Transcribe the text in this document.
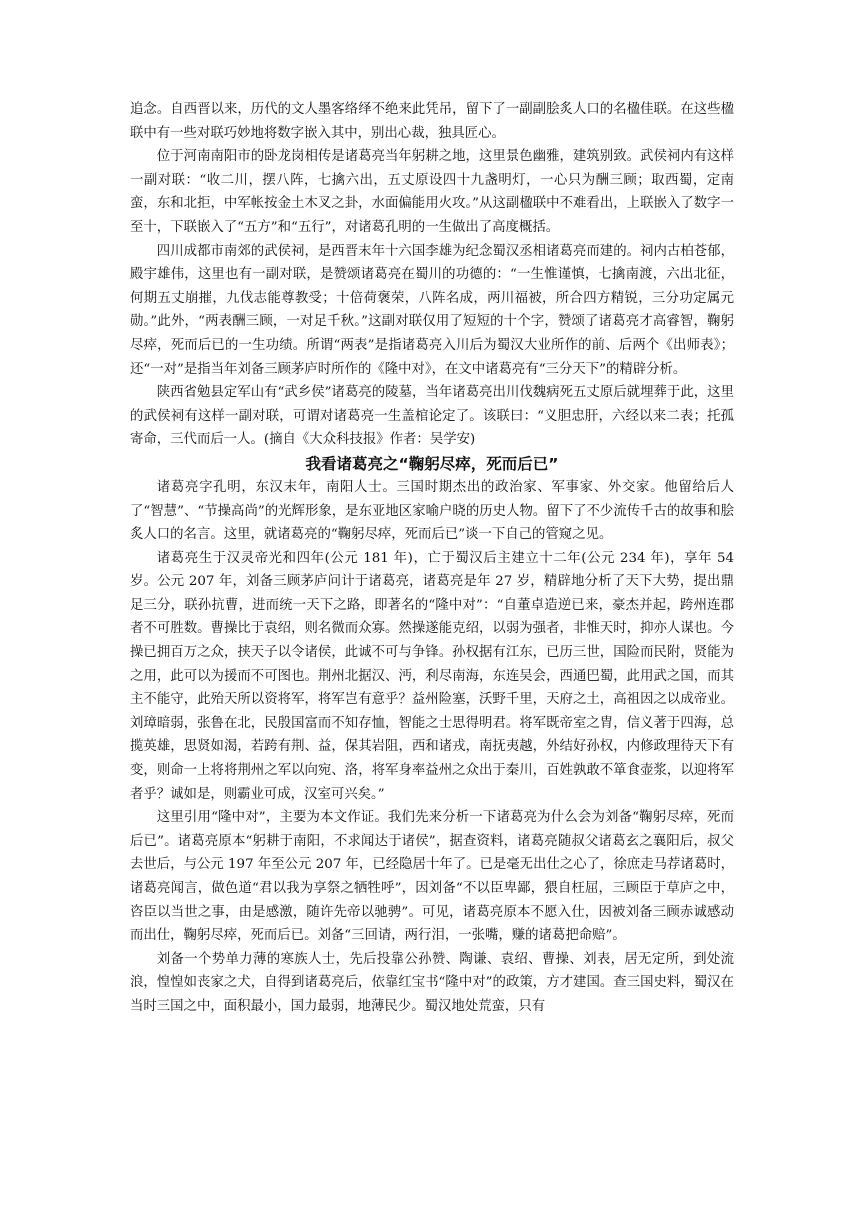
追念。自西晋以来，历代的文人墨客络绎不绝来此凭吊，留下了一副副脍炙人口的名楹佳联。在这些楹联中有一些对联巧妙地将数字嵌入其中，别出心裁，独具匠心。

位于河南南阳市的卧龙岗相传是诸葛亮当年躬耕之地，这里景色幽雅，建筑别致。武侯祠内有这样一副对联：“收二川，摆八阵，七擒六出，五丈原设四十九盏明灯，一心只为酬三顾；取西蜀，定南蛮，东和北拒，中军帐按金土木叉之卦，水面偏能用火攻。”从这副楹联中不难看出，上联嵌入了数字一至十，下联嵌入了“五方”和“五行”，对诸葛孔明的一生做出了高度概括。

四川成都市南郊的武侯祠，是西晋末年十六国李雄为纪念蜀汉丞相诸葛亮而建的。祠内古柏苍郁，殿宇雄伟，这里也有一副对联，是赞颂诸葛亮在蜀川的功德的：“一生惟谨慎，七擒南渡，六出北征，何期五丈崩摧，九伐志能尊教受；十倍荷褒荣，八阵名成，两川福被，所合四方精锐，三分功定属元勋。”此外，“两表酬三顾，一对足千秋。”这副对联仅用了短短的十个字，赞颂了诸葛亮才高睿智，鞠躬尽瘁，死而后已的一生功绩。所谓“两表”是指诸葛亮入川后为蜀汉大业所作的前、后两个《出师表》；还“一对”是指当年刘备三顾茅庐时所作的《隆中对》，在文中诸葛亮有“三分天下”的精辟分析。

陕西省勉县定军山有“武乡侯”诸葛亮的陵墓，当年诸葛亮出川伐魏病死五丈原后就埋葬于此，这里的武侯祠有这样一副对联，可谓对诸葛亮一生盖棺论定了。该联曰：“义胆忠肝，六经以来二表；托孤寄命，三代而后一人。(摘自《大众科技报》作者：吴学安)

我看诸葛亮之“鞠躬尽瘁，死而后已”

诸葛亮字孔明，东汉末年，南阳人士。三国时期杰出的政治家、军事家、外交家。他留给后人了“智慧”、“节操高尚”的光辉形象，是东亚地区家喻户晓的历史人物。留下了不少流传千古的故事和脍炙人口的名言。这里，就诸葛亮的“鞠躬尽瘁，死而后已”谈一下自己的管窥之见。

诸葛亮生于汉灵帝光和四年(公元 181 年)，亡于蜀汉后主建立十二年(公元 234 年)，享年 54 岁。公元 207 年，刘备三顾茅庐问计于诸葛亮，诸葛亮是年 27 岁，精辟地分析了天下大势，提出鼎足三分，联孙抗曹，进而统一天下之路，即著名的“隆中对”：“自董卓造逆已来，豪杰并起，跨州连郡者不可胜数。曹操比于袁绍，则名微而众寡。然操遂能克绍，以弱为强者，非惟天时，抑亦人谋也。今操已拥百万之众，挟天子以令诸侯，此诚不可与争锋。孙权据有江东，已历三世，国险而民附，贤能为之用，此可以为援而不可图也。荆州北据汉、沔，利尽南海，东连吴会，西通巴蜀，此用武之国，而其主不能守，此殆天所以资将军，将军岂有意乎？益州险塞，沃野千里，天府之土，高祖因之以成帝业。刘璋暗弱，张鲁在北，民殷国富而不知存恤，智能之士思得明君。将军既帝室之胄，信义著于四海，总揽英雄，思贤如渴，若跨有荆、益，保其岩阻，西和诸戎，南抚夷越，外结好孙权，内修政理待天下有变，则命一上将将荆州之军以向宛、洛，将军身率益州之众出于秦川，百姓孰敢不箪食壶浆，以迎将军者乎？诚如是，则霸业可成，汉室可兴矣。”

这里引用“隆中对”，主要为本文作证。我们先来分析一下诸葛亮为什么会为刘备“鞠躬尽瘁，死而后已”。诸葛亮原本“躬耕于南阳，不求闻达于诸侯”，据查资料，诸葛亮随叔父诸葛玄之襄阳后，叔父去世后，与公元 197 年至公元 207 年，已经隐居十年了。已是毫无出仕之心了，徐庶走马荐诸葛时，诸葛亮闻言，做色道“君以我为享祭之牺牲呼”，因刘备“不以臣卑鄙，猥自枉屈，三顾臣于草庐之中，咨臣以当世之事，由是感激，随许先帝以驰骋”。可见，诸葛亮原本不愿入仕，因被刘备三顾赤诚感动而出仕，鞠躬尽瘁，死而后已。刘备“三回请，两行泪，一张嘴，赚的诸葛把命赔”。

刘备一个势单力薄的寒族人士，先后投靠公孙赞、陶谦、袁绍、曹操、刘表，居无定所，到处流浪，惶惶如丧家之犬，自得到诸葛亮后，依靠红宝书“隆中对”的政策，方才建国。查三国史料，蜀汉在当时三国之中，面积最小，国力最弱，地薄民少。蜀汉地处荒蛮，只有
